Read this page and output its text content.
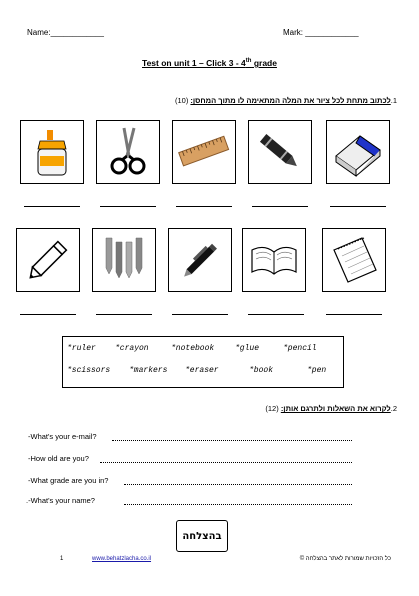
Name:____________	Mark: ____________
Test on unit 1 – Click 3 - 4th grade
1.לכתוב מתחת לכל ציור את המלה המתאימה לו מתוך המחסן: (10)
*ruler *crayon	*notebook	*glue	*pencil
*scissors *markers *eraser	*book	*pen
2.לקרוא את השאלות ולתרגם אותן: (12)
-What's your e-mail?
-How old are you?
-What grade are you in?
.-What's your name?
בהצלחה
1	www.behatzlacha.co.il	כל הזכויות שמורות לאתר בהצלחה ©
